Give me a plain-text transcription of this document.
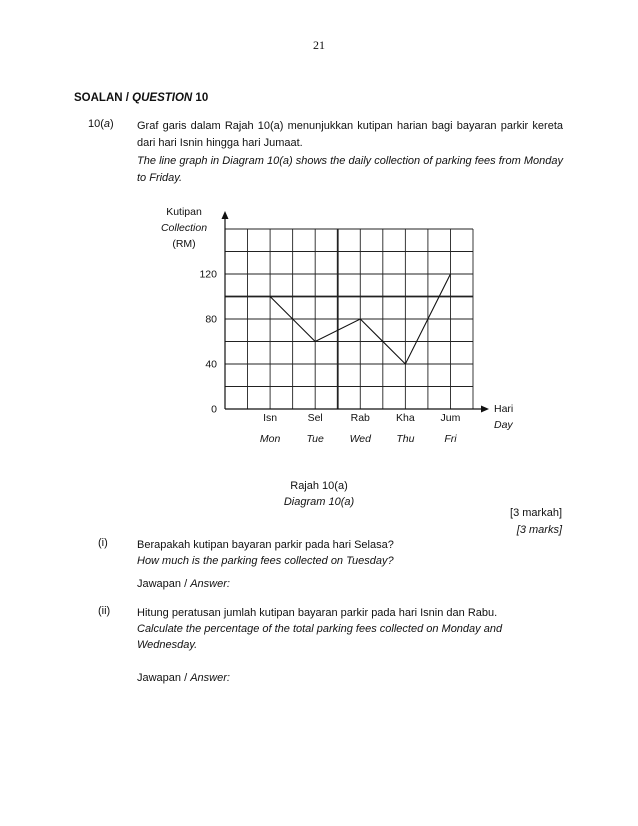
21
SOALAN / QUESTION 10
10(a) Graf garis dalam Rajah 10(a) menunjukkan kutipan harian bagi bayaran parkir kereta dari hari Isnin hingga hari Jumaat.
The line graph in Diagram 10(a) shows the daily collection of parking fees from Monday to Friday.
0
40
80
120
Isn	Sel	Rab Kha Jum
Mon Tue Wed Thu	Fri
Kutipan
Collection
(RM)
Hari
Day
Rajah 10(a)
Diagram 10(a)
[3 markah]
[3 marks]
(i)	Berapakah kutipan bayaran parkir pada hari Selasa?
How much is the parking fees collected on Tuesday?
Jawapan / Answer:
(ii) Hitung peratusan jumlah kutipan bayaran parkir pada hari Isnin dan Rabu.
Calculate the percentage of the total parking fees collected on Monday and
Wednesday.
Jawapan / Answer:
